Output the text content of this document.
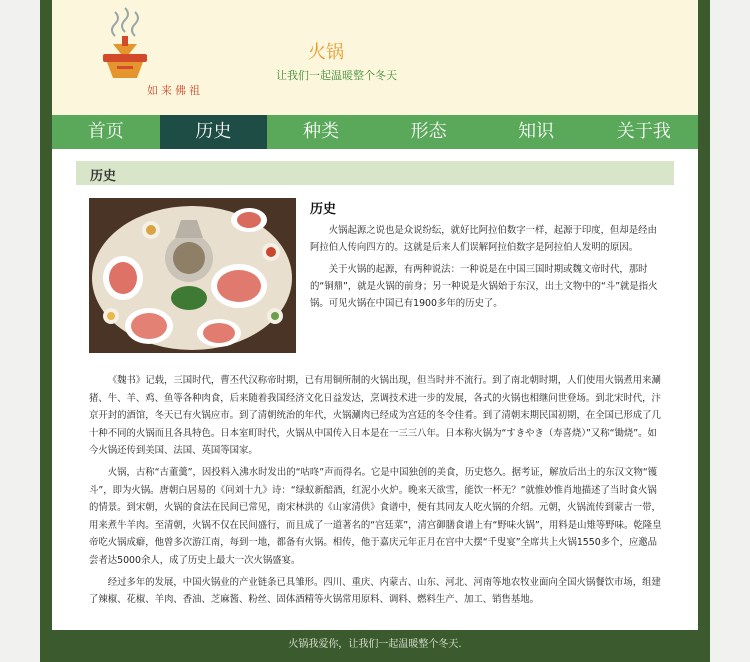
如来佛祖
火锅
让我们一起温暖整个冬天
首页	历史	种类	形态	知识	关于我
历史
历史

火锅起源之说也是众说纷纭，就好比阿拉伯数字一样，起源于印度，但却是经由阿拉伯人传向四方的。这就是后来人们误解阿拉伯数字是阿拉伯人发明的原因。

关于火锅的起源，有两种说法：一种说是在中国三国时期或魏文帝时代，那时的“铜鼎”，就是火锅的前身；另一种说是火锅始于东汉，出土文物中的“斗”就是指火锅。可见火锅在中国已有1900多年的历史了。

《魏书》记载，三国时代，曹丕代汉称帝时期，已有用铜所制的火锅出现，但当时并不流行。到了南北朝时期，人们使用火锅煮用来涮猪、牛、羊、鸡、鱼等各种肉食，后来随着我国经济文化日益发达，烹调技术进一步的发展，各式的火锅也相继问世登场。到北宋时代，汴京开封的酒馆，冬天已有火锅应市。到了清朝统治的年代，火锅涮肉已经成为宫廷的冬令佳肴。到了清朝末期民国初期，在全国已形成了几十种不同的火锅而且各具特色。日本室町时代，火锅从中国传入日本是在一三三八年。日本称火锅为“すきやき（寿喜烧）”又称“锄烧”。如今火锅还传到美国、法国、英国等国家。

火锅，古称“古董羹”，因投料入沸水时发出的“咕咚”声而得名。它是中国独创的美食，历史悠久。据考证，解放后出土的东汉文物“镬斗”，即为火锅。唐朝白居易的《问刘十九》诗：“绿蚁新醅酒，红泥小火炉。晚来天欲雪，能饮一杯无？”就惟妙惟肖地描述了当时食火锅的情景。到宋朝，火锅的食法在民间已常见，南宋林洪的《山家清供》食谱中，便有其同友人吃火锅的介绍。元朝，火锅流传到蒙古一带，用来煮牛羊肉。至清朝，火锅不仅在民间盛行，而且成了一道著名的“宫廷菜”，清宫御膳食谱上有“野味火锅”，用料是山雉等野味。乾隆皇帝吃火锅成癖，他曾多次游江南，每到一地，都备有火锅。相传，他于嘉庆元年正月在宫中大摆“千叟宴”全席共上火锅1550多个，应邀品尝者达5000余人，成了历史上最大一次火锅盛宴。

经过多年的发展，中国火锅业的产业链条已具雏形。四川、重庆、内蒙古、山东、河北、河南等地农牧业面向全国火锅餐饮市场，组建了辣椒、花椒、羊肉、香油、芝麻酱、粉丝、固体酒精等火锅常用原料、调料、燃料生产、加工、销售基地。

火锅我爱你，让我们一起温暖整个冬天.
